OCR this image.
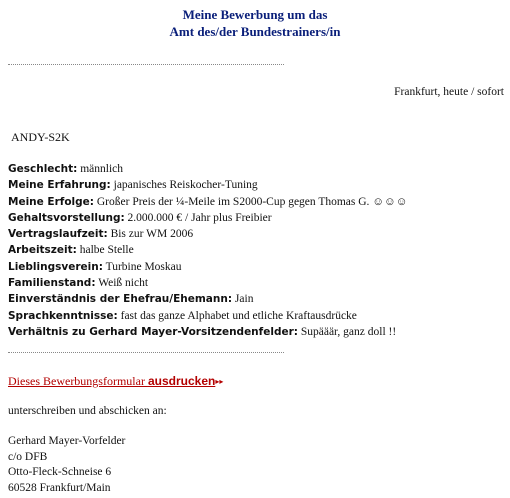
Meine Bewerbung um das
Amt des/der Bundestrainers/in
Frankfurt, heute / sofort
ANDY-S2K
Geschlecht: männlich
Meine Erfahrung: japanisches Reiskocher-Tuning
Meine Erfolge: Großer Preis der ¼-Meile im S2000-Cup gegen Thomas G. ☺☺☺
Gehaltsvorstellung: 2.000.000 € / Jahr plus Freibier
Vertragslaufzeit: Bis zur WM 2006
Arbeitszeit: halbe Stelle
Lieblingsverein: Turbine Moskau
Familienstand: Weiß nicht
Einverständnis der Ehefrau/Ehemann: Jain
Sprachkenntnisse: fast das ganze Alphabet und etliche Kraftausdrücke
Verhältnis zu Gerhard Mayer-Vorsitzendenfelder: Supääär, ganz doll !!
Dieses Bewerbungsformular ausdrucken▸▸
unterschreiben und abschicken an:
Gerhard Mayer-Vorfelder
c/o DFB
Otto-Fleck-Schneise 6
60528 Frankfurt/Main
